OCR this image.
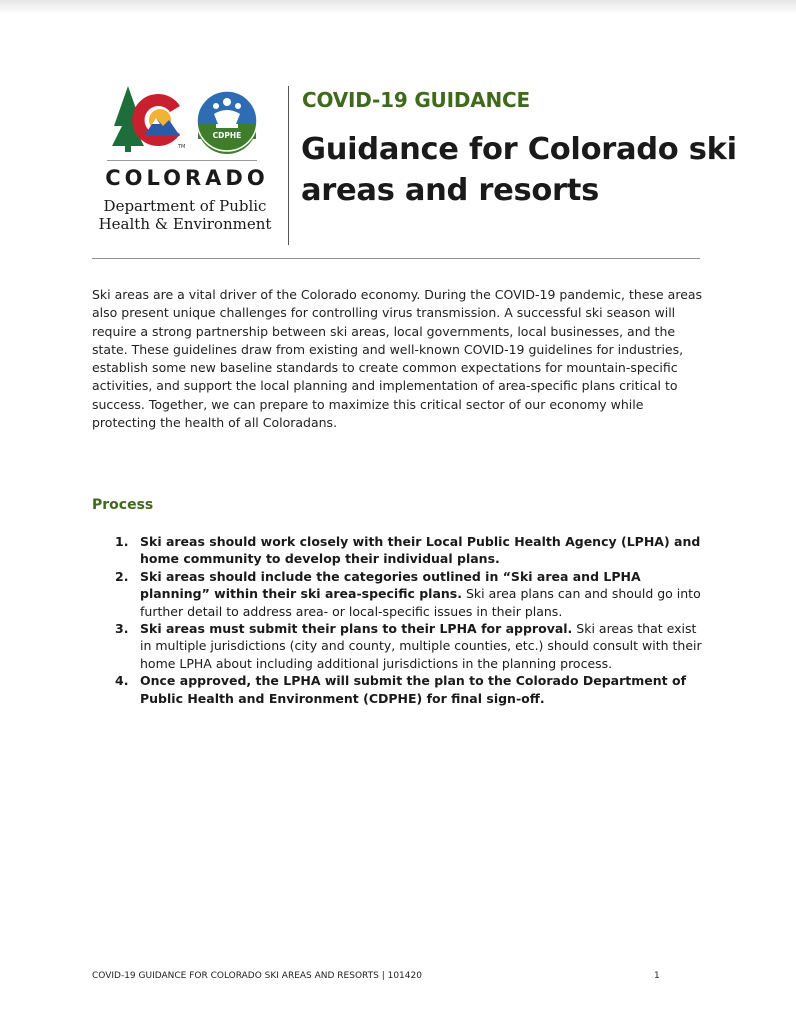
TM
CDPHE
COLORADO
Department of Public
Health & Environment
COVID-19 GUIDANCE
Guidance for Colorado ski areas and resorts

Ski areas are a vital driver of the Colorado economy. During the COVID-19 pandemic, these areas also present unique challenges for controlling virus transmission. A successful ski season will require a strong partnership between ski areas, local governments, local businesses, and the state. These guidelines draw from existing and well-known COVID-19 guidelines for industries, establish some new baseline standards to create common expectations for mountain-specific activities, and support the local planning and implementation of area-specific plans critical to success. Together, we can prepare to maximize this critical sector of our economy while protecting the health of all Coloradans.

Process
1. Ski areas should work closely with their Local Public Health Agency (LPHA) and home community to develop their individual plans.
2. Ski areas should include the categories outlined in “Ski area and LPHA planning” within their ski area-specific plans. Ski area plans can and should go into further detail to address area- or local-specific issues in their plans.
3. Ski areas must submit their plans to their LPHA for approval. Ski areas that exist in multiple jurisdictions (city and county, multiple counties, etc.) should consult with their home LPHA about including additional jurisdictions in the planning process.
4. Once approved, the LPHA will submit the plan to the Colorado Department of Public Health and Environment (CDPHE) for final sign-off.
COVID-19 GUIDANCE FOR COLORADO SKI AREAS AND RESORTS | 101420	1
